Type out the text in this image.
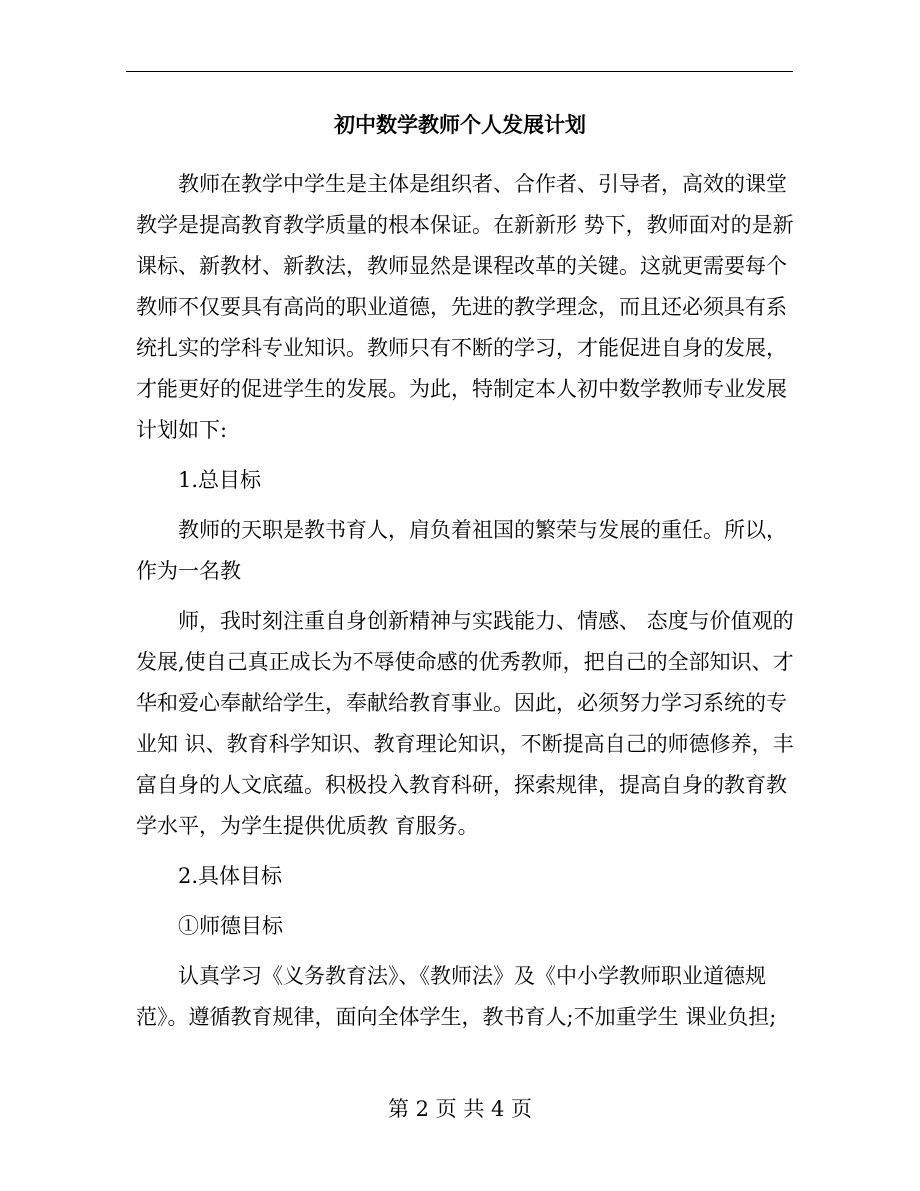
初中数学教师个人发展计划

教师在教学中学生是主体是组织者、合作者、引导者，高效的课堂教学是提高教育教学质量的根本保证。在新新形 势下，教师面对的是新课标、新教材、新教法，教师显然是课程改革的关键。这就更需要每个教师不仅要具有高尚的职业道德，先进的教学理念，而且还必须具有系统扎实的学科专业知识。教师只有不断的学习，才能促进自身的发展，才能更好的促进学生的发展。为此，特制定本人初中数学教师专业发展计划如下:

1.总目标

教师的天职是教书育人，肩负着祖国的繁荣与发展的重任。所以，作为一名教

师，我时刻注重自身创新精神与实践能力、情感、 态度与价值观的发展,使自己真正成长为不辱使命感的优秀教师，把自己的全部知识、才华和爱心奉献给学生，奉献给教育事业。因此，必须努力学习系统的专业知 识、教育科学知识、教育理论知识，不断提高自己的师德修养，丰富自身的人文底蕴。积极投入教育科研，探索规律，提高自身的教育教学水平，为学生提供优质教 育服务。

2.具体目标

①师德目标

认真学习《义务教育法》、《教师法》及《中小学教师职业道德规范》。遵循教育规律，面向全体学生，教书育人;不加重学生 课业负担;

第 2 页 共 4 页
